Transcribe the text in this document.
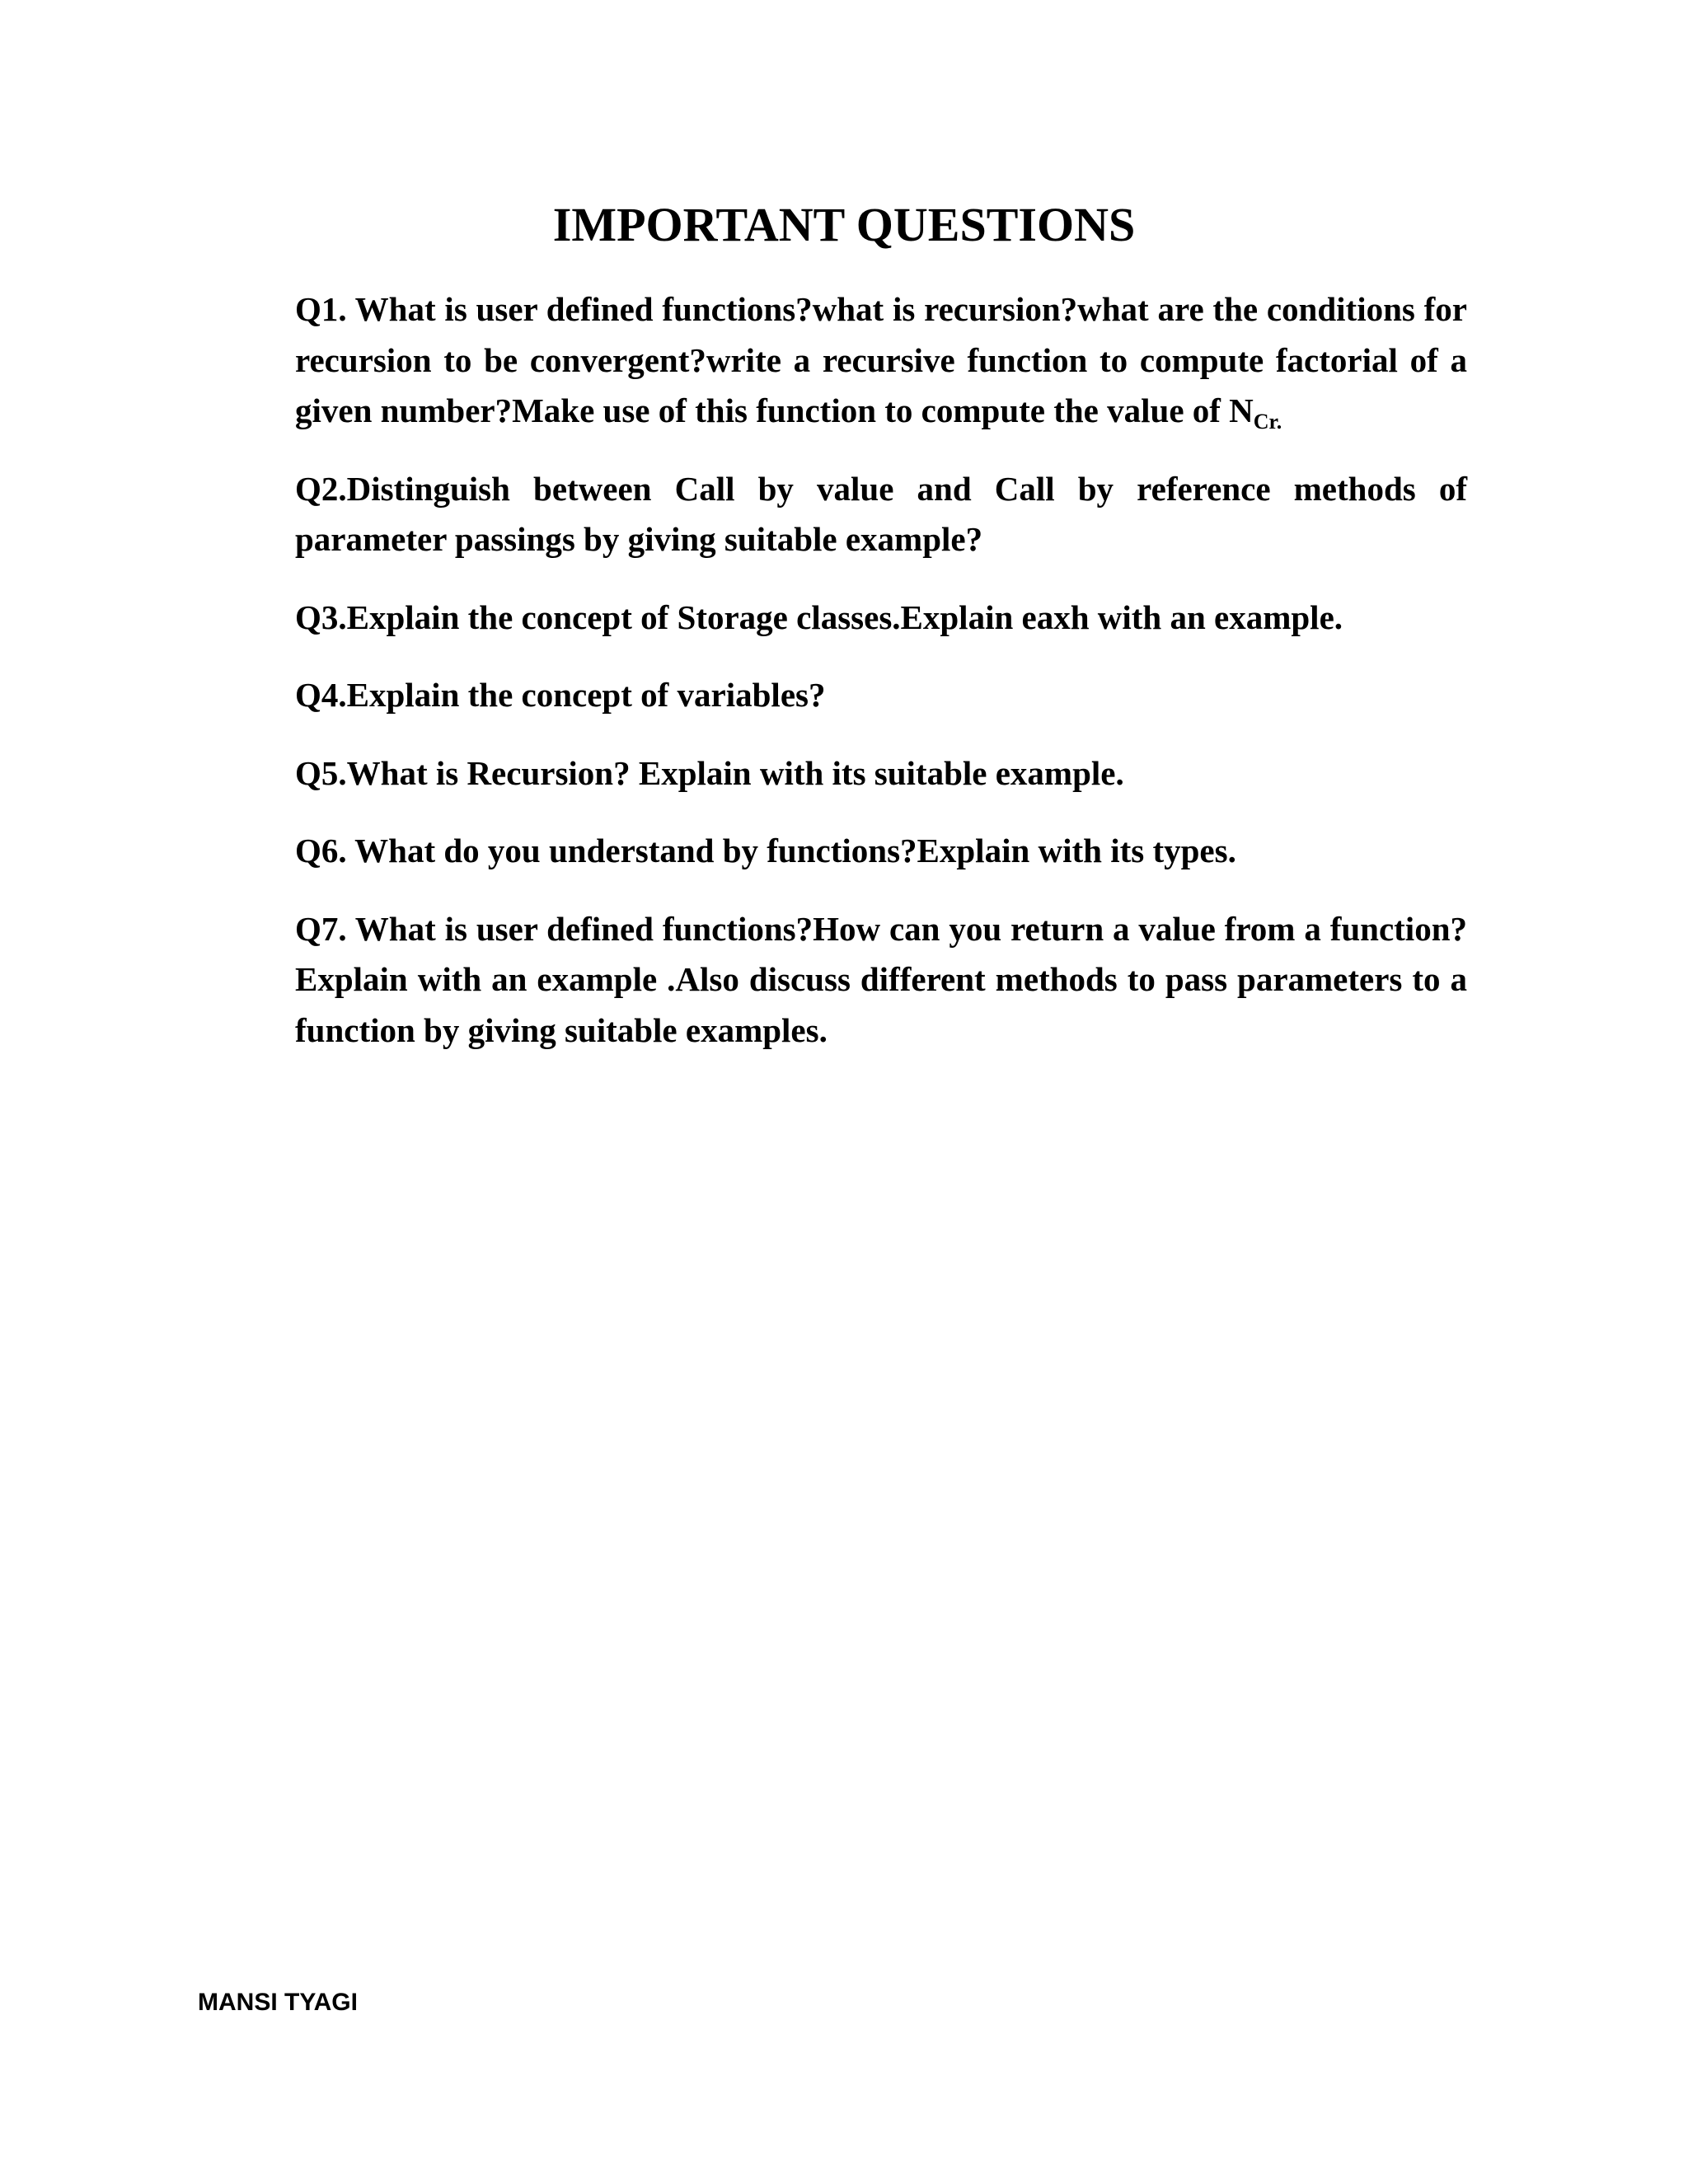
IMPORTANT QUESTIONS
Q1. What is user defined functions?what is recursion?what are the conditions for recursion to be convergent?write a recursive function to compute factorial of a given number?Make use of this function to compute the value of $N_{Cr.}$
Q2.Distinguish between Call by value and Call by reference methods of parameter passings by giving suitable example?
Q3.Explain the concept of Storage classes.Explain eaxh with an example.
Q4.Explain the concept of variables?
Q5.What is Recursion? Explain with its suitable example.
Q6. What do you understand by functions?Explain with its types.
Q7. What is user defined functions?How can you return a value from a function?Explain with an example .Also discuss different methods to pass parameters to a function by giving suitable examples.

MANSI TYAGI
